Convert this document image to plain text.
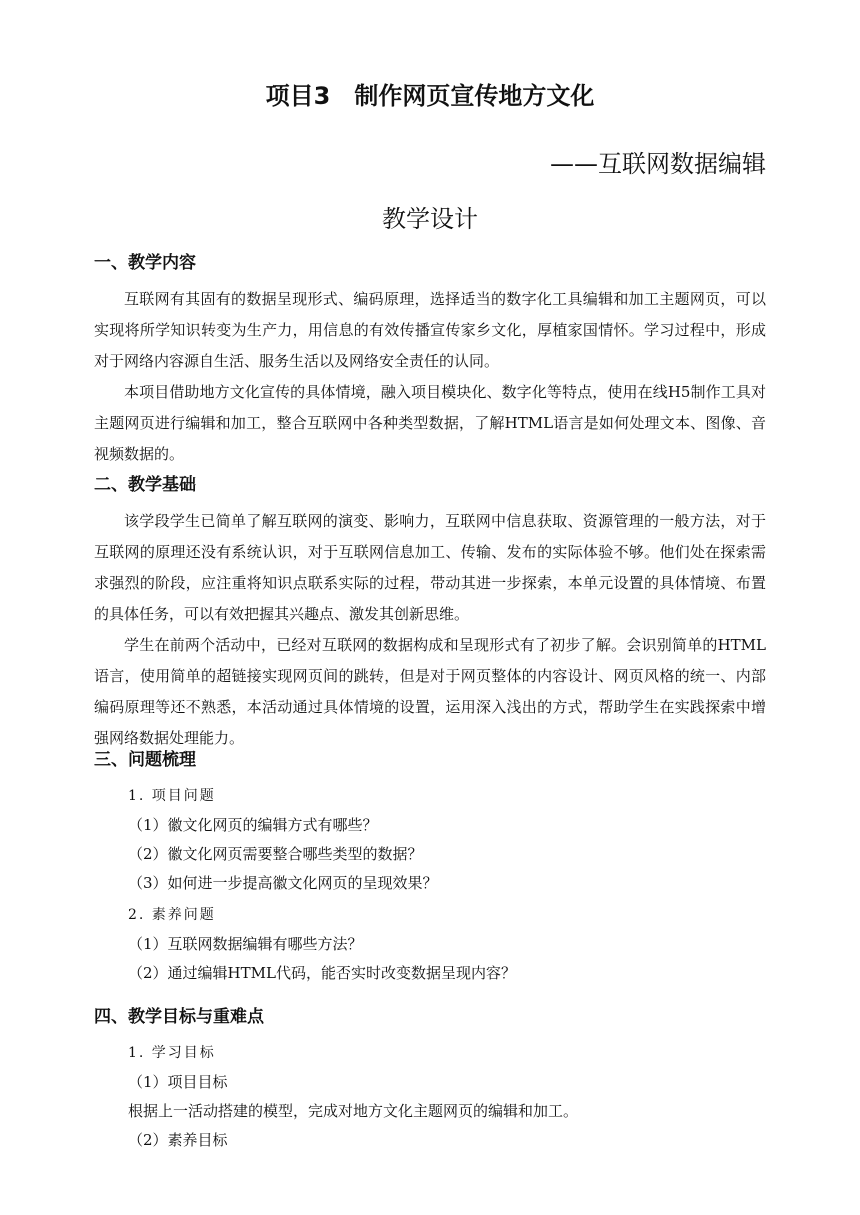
项目3　制作网页宣传地方文化
——互联网数据编辑
教学设计
一、教学内容

互联网有其固有的数据呈现形式、编码原理，选择适当的数字化工具编辑和加工主题网页，可以实现将所学知识转变为生产力，用信息的有效传播宣传家乡文化，厚植家国情怀。学习过程中，形成对于网络内容源自生活、服务生活以及网络安全责任的认同。

本项目借助地方文化宣传的具体情境，融入项目模块化、数字化等特点，使用在线H5制作工具对主题网页进行编辑和加工，整合互联网中各种类型数据，了解HTML语言是如何处理文本、图像、音视频数据的。

二、教学基础

该学段学生已简单了解互联网的演变、影响力，互联网中信息获取、资源管理的一般方法，对于互联网的原理还没有系统认识，对于互联网信息加工、传输、发布的实际体验不够。他们处在探索需求强烈的阶段，应注重将知识点联系实际的过程，带动其进一步探索，本单元设置的具体情境、布置的具体任务，可以有效把握其兴趣点、激发其创新思维。

学生在前两个活动中，已经对互联网的数据构成和呈现形式有了初步了解。会识别简单的HTML语言，使用简单的超链接实现网页间的跳转，但是对于网页整体的内容设计、网页风格的统一、内部编码原理等还不熟悉，本活动通过具体情境的设置，运用深入浅出的方式，帮助学生在实践探索中增强网络数据处理能力。

三、问题梳理
1. 项目问题
（1）徽文化网页的编辑方式有哪些？
（2）徽文化网页需要整合哪些类型的数据？
（3）如何进一步提高徽文化网页的呈现效果？
2. 素养问题
（1）互联网数据编辑有哪些方法？
（2）通过编辑HTML代码，能否实时改变数据呈现内容？
四、教学目标与重难点
1. 学习目标
（1）项目目标
根据上一活动搭建的模型，完成对地方文化主题网页的编辑和加工。
（2）素养目标
